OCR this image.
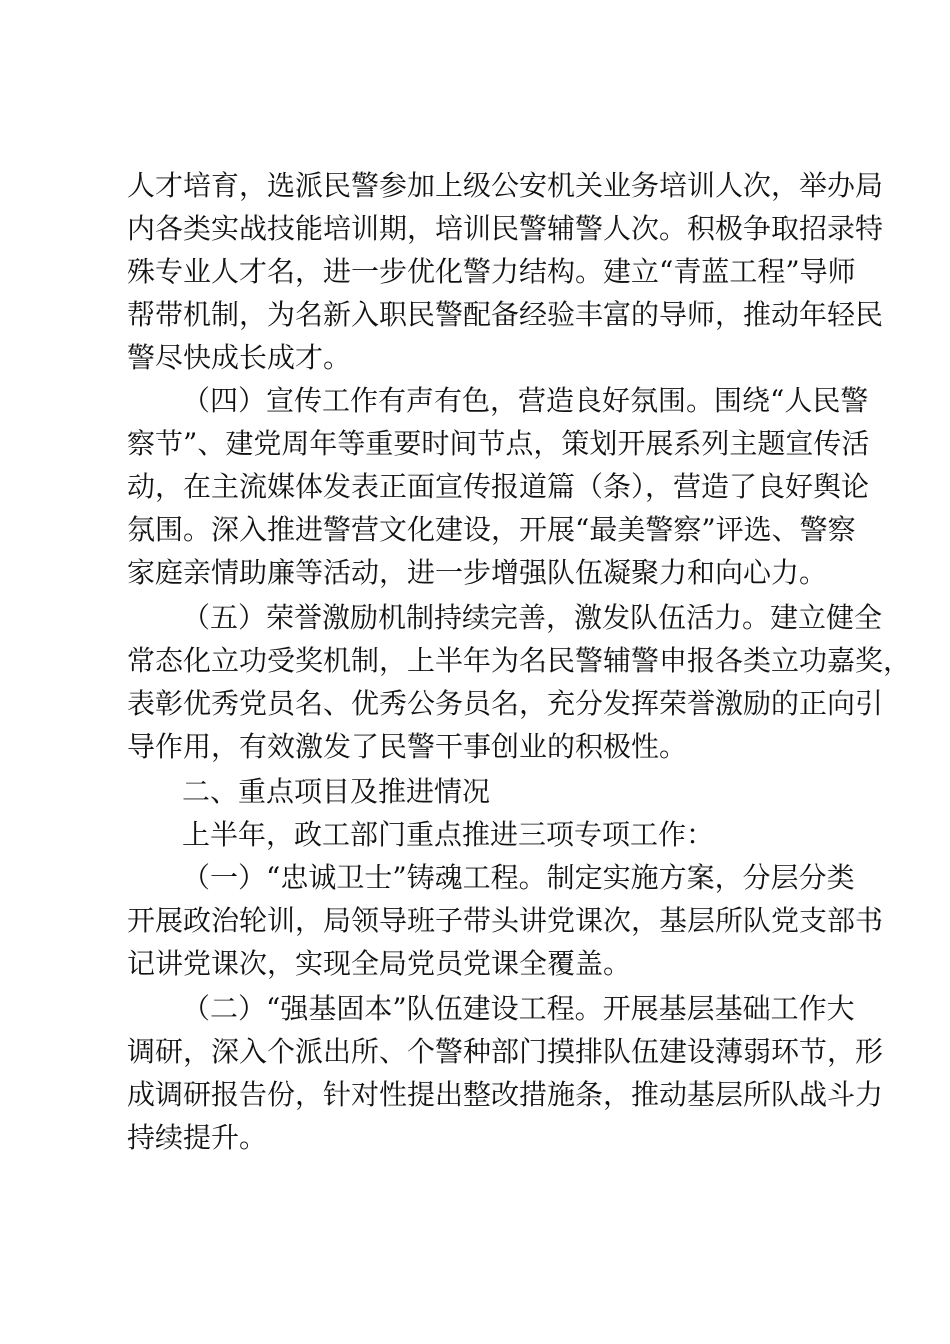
人才培育，选派民警参加上级公安机关业务培训人次，举办局
内各类实战技能培训期，培训民警辅警人次。积极争取招录特
殊专业人才名，进一步优化警力结构。建立“青蓝工程”导师
帮带机制，为名新入职民警配备经验丰富的导师，推动年轻民
警尽快成长成才。
（四）宣传工作有声有色，营造良好氛围。围绕“人民警
察节”、建党周年等重要时间节点，策划开展系列主题宣传活
动，在主流媒体发表正面宣传报道篇（条），营造了良好舆论
氛围。深入推进警营文化建设，开展“最美警察”评选、警察
家庭亲情助廉等活动，进一步增强队伍凝聚力和向心力。
（五）荣誉激励机制持续完善，激发队伍活力。建立健全
常态化立功受奖机制，上半年为名民警辅警申报各类立功嘉奖，
表彰优秀党员名、优秀公务员名，充分发挥荣誉激励的正向引
导作用，有效激发了民警干事创业的积极性。
二、重点项目及推进情况
上半年，政工部门重点推进三项专项工作：
（一）“忠诚卫士”铸魂工程。制定实施方案，分层分类
开展政治轮训，局领导班子带头讲党课次，基层所队党支部书
记讲党课次，实现全局党员党课全覆盖。
（二）“强基固本”队伍建设工程。开展基层基础工作大
调研，深入个派出所、个警种部门摸排队伍建设薄弱环节，形
成调研报告份，针对性提出整改措施条，推动基层所队战斗力
持续提升。
